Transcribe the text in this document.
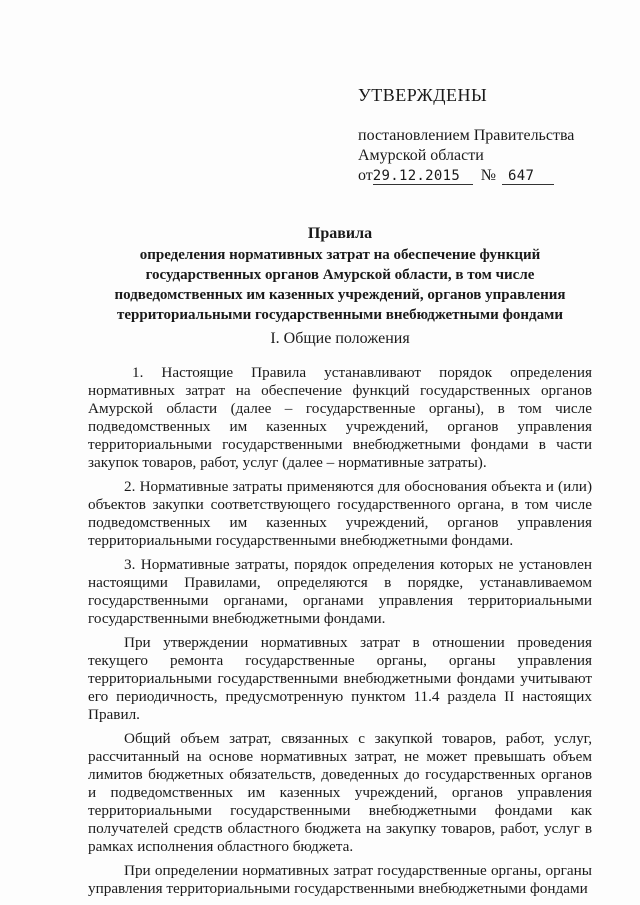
УТВЕРЖДЕНЫ
постановлением Правительства
Амурской области
от29.12.2015 № 647
Правила
определения нормативных затрат на обеспечение функций
государственных органов Амурской области, в том числе
подведомственных им казенных учреждений, органов управления
территориальными государственными внебюджетными фондами
I. Общие положения

1. Настоящие Правила устанавливают порядок определения нормативных затрат на обеспечение функций государственных органов Амурской области (далее – государственные органы), в том числе подведомственных им казенных учреждений, органов управления территориальными государственными внебюджетными фондами в части закупок товаров, работ, услуг (далее – нормативные затраты).

2. Нормативные затраты применяются для обоснования объекта и (или) объектов закупки соответствующего государственного органа, в том числе подведомственных им казенных учреждений, органов управления территориальными государственными внебюджетными фондами.

3. Нормативные затраты, порядок определения которых не установлен настоящими Правилами, определяются в порядке, устанавливаемом государственными органами, органами управления территориальными государственными внебюджетными фондами.

При утверждении нормативных затрат в отношении проведения текущего ремонта государственные органы, органы управления территориальными государственными внебюджетными фондами учитывают его периодичность, предусмотренную пунктом 11.4 раздела II настоящих Правил.

Общий объем затрат, связанных с закупкой товаров, работ, услуг, рассчитанный на основе нормативных затрат, не может превышать объем лимитов бюджетных обязательств, доведенных до государственных органов и подведомственных им казенных учреждений, органов управления территориальными государственными внебюджетными фондами как получателей средств областного бюджета на закупку товаров, работ, услуг в рамках исполнения областного бюджета.

При определении нормативных затрат государственные органы, органы управления территориальными государственными внебюджетными фондами
